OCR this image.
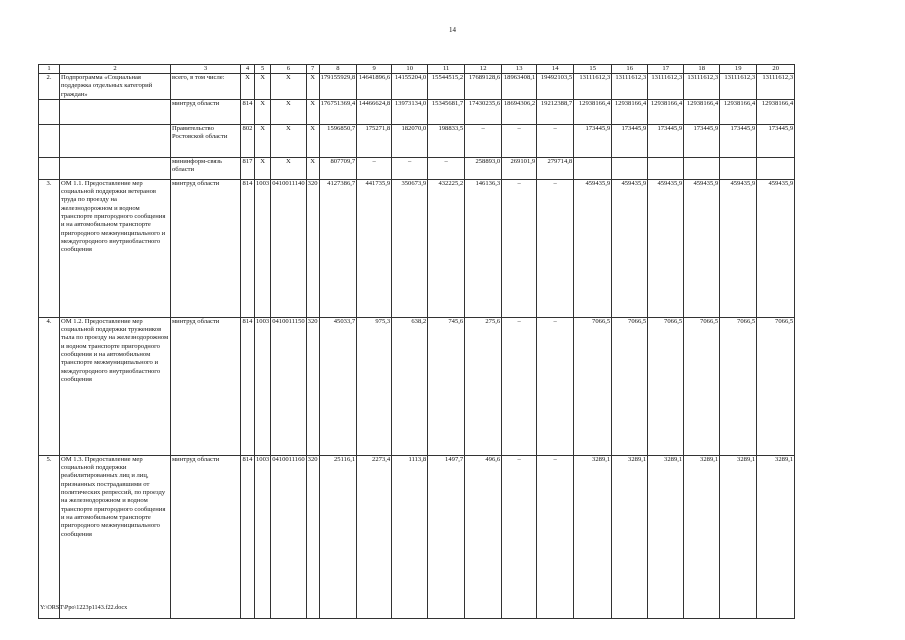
14
1	2	3	4	5	6	7	8	9	10	11	12	13	14	15	16	17	18	19	20
2.	Подпрограмма «Социальная поддержка отдельных категорий граждан»	всего, в том числе:	X	X	X	X	179155929,8	14641896,6	14155204,0	15544515,2	17689128,6	18963408,1	19492103,5	13111612,3	13111612,3	13111612,3	13111612,3	13111612,3	13111612,3
		минтруд области	814	X	X	X	176751369,4	14466624,8	13973134,0	15345681,7	17430235,6	18694306,2	19212388,7	12938166,4	12938166,4	12938166,4	12938166,4	12938166,4	12938166,4
		Правительство Ростовской области	802	X	X	X	1596850,7	175271,8	182070,0	198833,5	–	–	–	173445,9	173445,9	173445,9	173445,9	173445,9	173445,9
		мининформ-связь области	817	X	X	X	807709,7	–	–	–	258893,0	269101,9	279714,8						
3.	ОМ 1.1. Предоставление мер социальной поддержки ветеранов труда по проезду на железнодорожном и водном транспорте пригородного сообщения и на автомобильном транспорте пригородного межмуниципального и междугородного внутриобластного сообщения	минтруд области	814	1003	0410011140	320	4127386,7	441735,9	350673,9	432225,2	146136,3	–	–	459435,9	459435,9	459435,9	459435,9	459435,9	459435,9
4.	ОМ 1.2. Предоставление мер социальной поддержки тружеников тыла по проезду на железнодорожном и водном транспорте пригородного сообщения и на автомобильном транспорте межмуниципального и междугородного внутриобластного сообщения	минтруд области	814	1003	0410011150	320	45033,7	975,3	638,2	745,6	275,6	–	–	7066,5	7066,5	7066,5	7066,5	7066,5	7066,5
5.	ОМ 1.3. Предоставление мер социальной поддержки реабилитированных лиц и лиц, признанных пострадавшими от политических репрессий, по проезду на железнодорожном и водном транспорте пригородного сообщения и на автомобильном транспорте пригородного межмуниципального сообщения	минтруд области	814	1003	0410011160	320	25116,1	2273,4	1113,8	1497,7	496,6	–	–	3289,1	3289,1	3289,1	3289,1	3289,1	3289,1
Y:\ORST\Ppo\1223p1143.f22.docx
